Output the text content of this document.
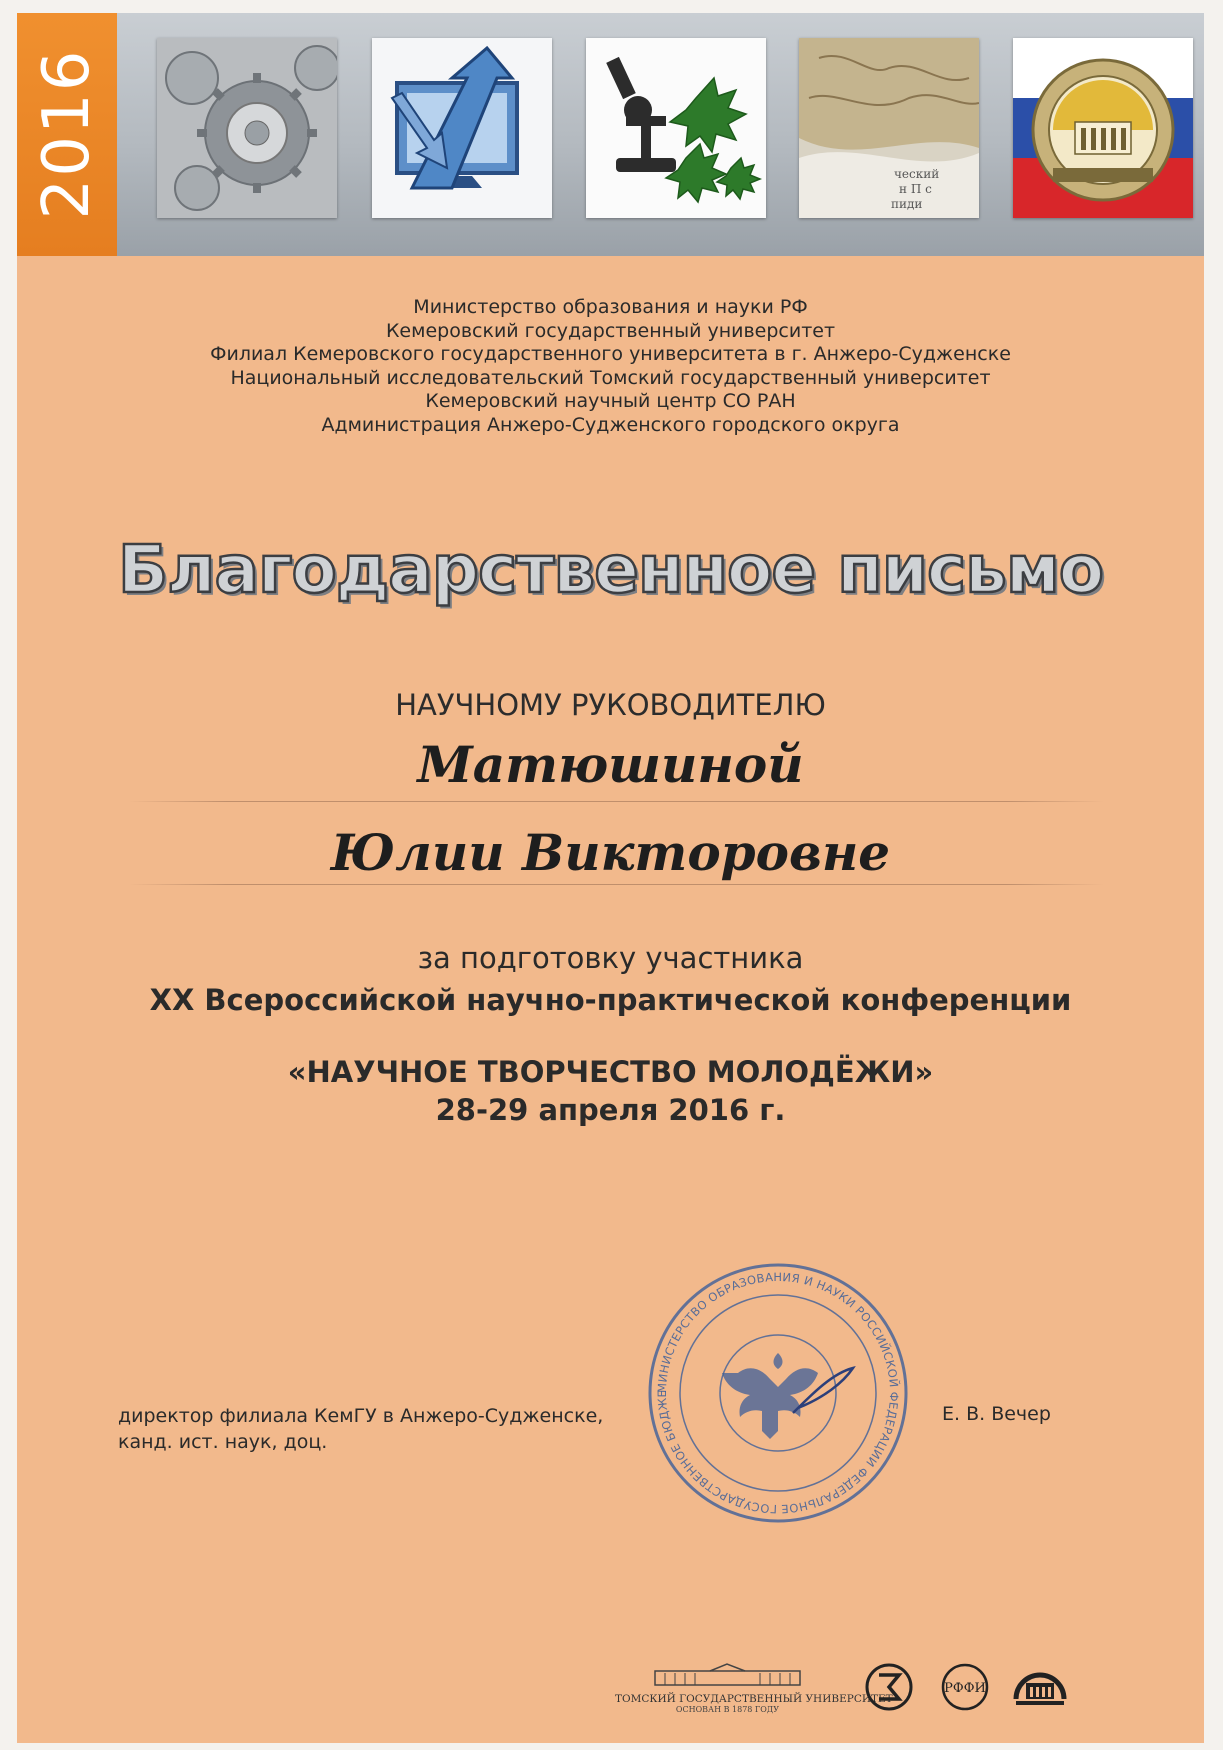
2016	ческий
н П с
пиди
Министерство образования и науки РФ
Кемеровский государственный университет
Филиал Кемеровского государственного университета в г. Анжеро-Судженске
Национальный исследовательский Томский государственный университет
Кемеровский научный центр СО РАН
Администрация Анжеро-Судженского городского округа
Благодарственное письмо
НАУЧНОМУ РУКОВОДИТЕЛЮ
Матюшиной
Юлии Викторовне
за подготовку участника
XX Всероссийской научно-практической конференции
«НАУЧНОЕ ТВОРЧЕСТВО МОЛОДЁЖИ»
28-29 апреля 2016 г.
директор филиала КемГУ в Анжеро-Судженске,
канд. ист. наук, доц.
Е. В. Вечер
МИНИСТЕРСТВО ОБРАЗОВАНИЯ И НАУКИ РОССИЙСКОЙ ФЕДЕРАЦИИ ФЕДЕРАЛЬНОЕ ГОСУДАРСТВЕННОЕ БЮДЖЕ
ТОМСКИЙ ГОСУДАРСТВЕННЫЙ УНИВЕРСИТЕТ
ОСНОВАН В 1878 ГОДУ
РФФИ
